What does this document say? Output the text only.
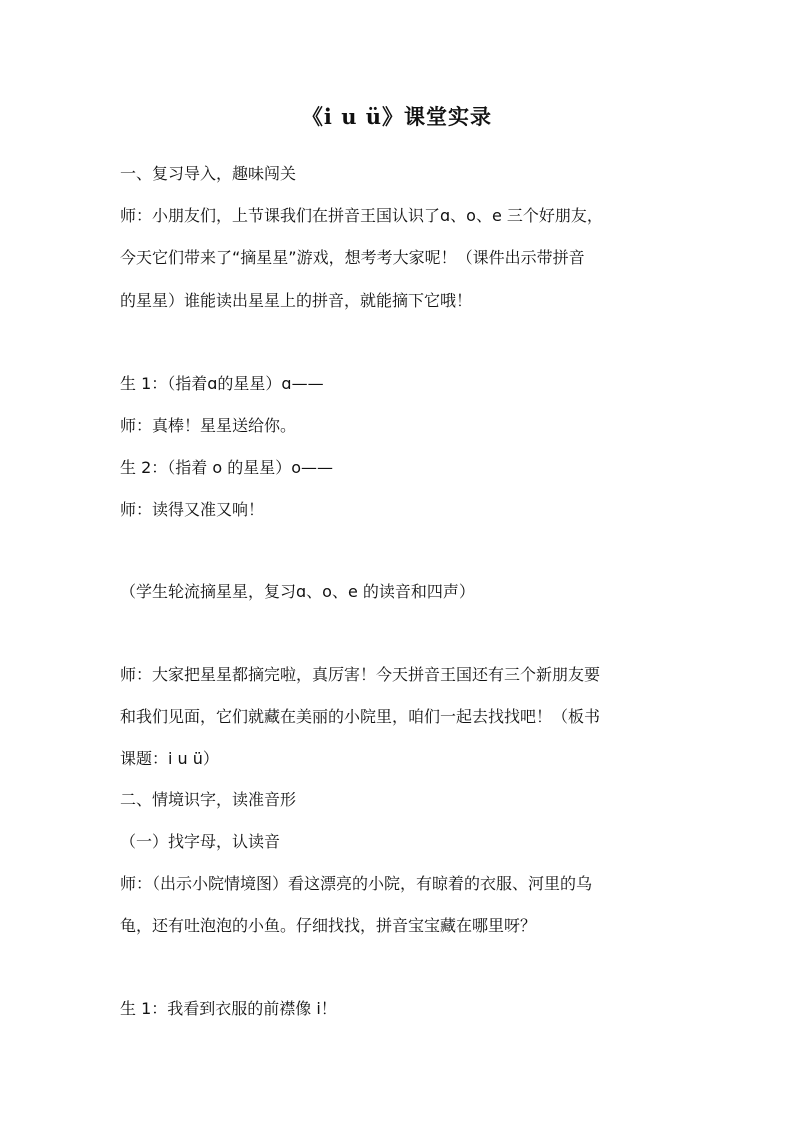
《i u ü》课堂实录
一、复习导入，趣味闯关
师：小朋友们，上节课我们在拼音王国认识了ɑ、o、e 三个好朋友，
今天它们带来了“摘星星”游戏，想考考大家呢！（课件出示带拼音
的星星）谁能读出星星上的拼音，就能摘下它哦！
生 1：（指着ɑ的星星）ɑ——
师：真棒！星星送给你。
生 2：（指着 o 的星星）o——
师：读得又准又响！
（学生轮流摘星星，复习ɑ、o、e 的读音和四声）
师：大家把星星都摘完啦，真厉害！今天拼音王国还有三个新朋友要
和我们见面，它们就藏在美丽的小院里，咱们一起去找找吧！（板书
课题：i u ü）
二、情境识字，读准音形
（一）找字母，认读音
师：（出示小院情境图）看这漂亮的小院，有晾着的衣服、河里的乌
龟，还有吐泡泡的小鱼。仔细找找，拼音宝宝藏在哪里呀？
生 1：我看到衣服的前襟像 i！
